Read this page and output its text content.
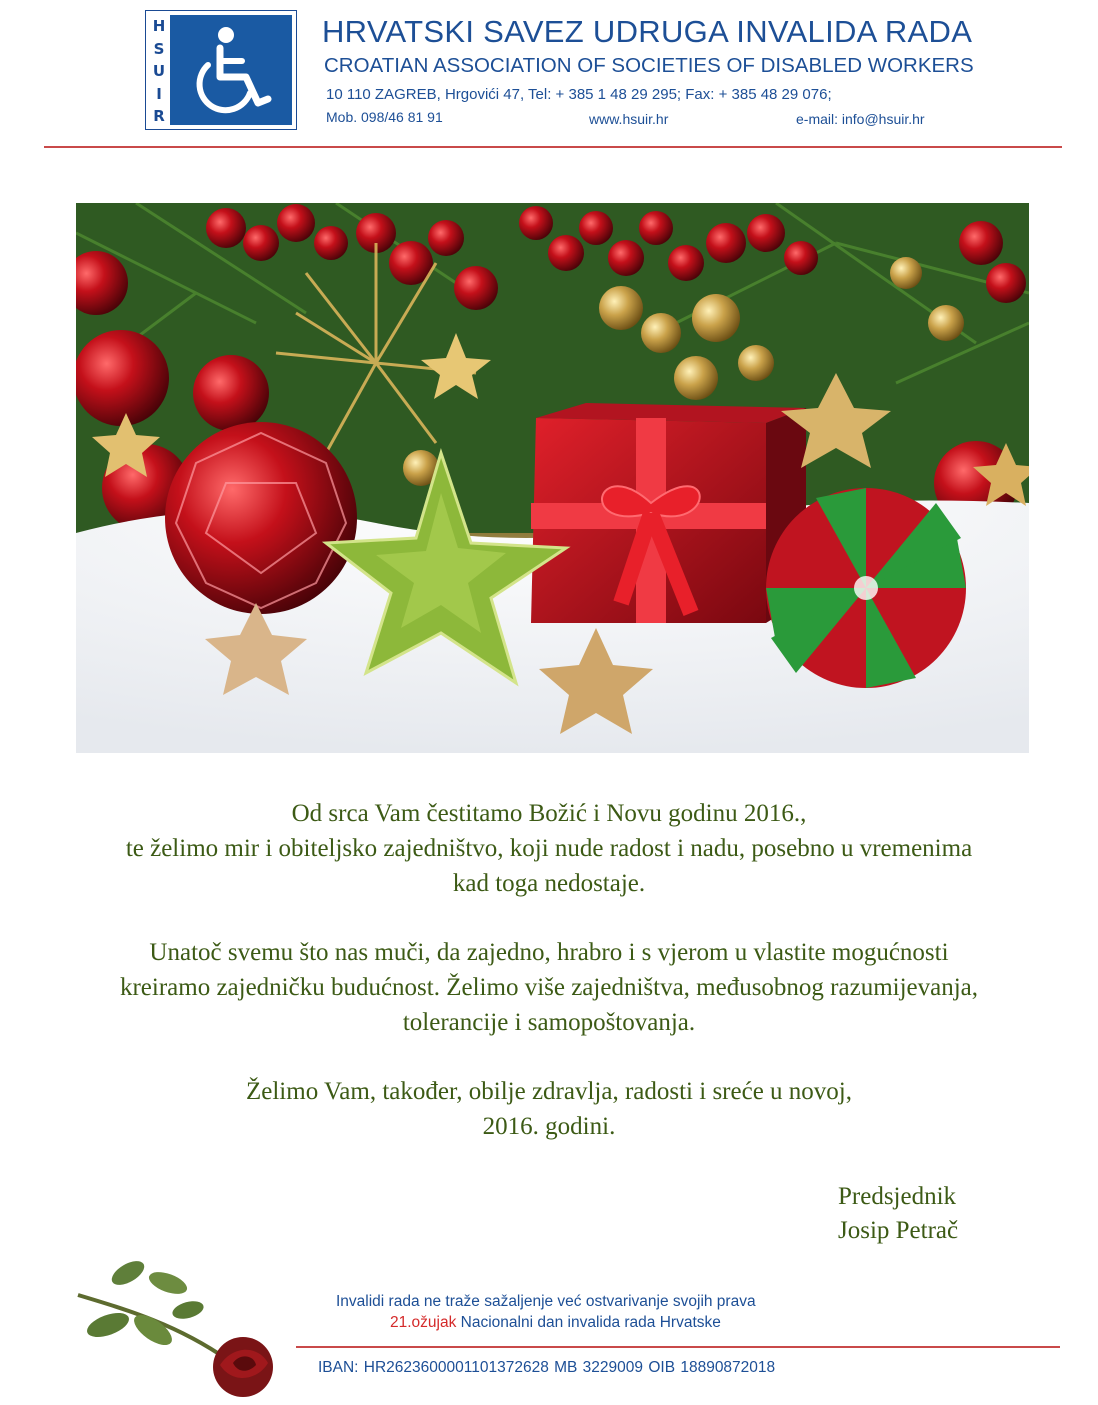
H
S
U
I
R
HRVATSKI SAVEZ UDRUGA INVALIDA RADA
CROATIAN ASSOCIATION OF SOCIETIES OF DISABLED WORKERS
10 110 ZAGREB, Hrgovići 47, Tel: + 385 1 48 29 295; Fax: + 385 48 29 076;
Mob. 098/46 81 91	www.hsuir.hr	e-mail: info@hsuir.hr

Od srca Vam čestitamo Božić i Novu godinu 2016.,

te želimo mir i obiteljsko zajedništvo, koji nude radost i nadu, posebno u vremenima

kad toga nedostaje.

Unatoč svemu što nas muči, da zajedno, hrabro i s vjerom u vlastite mogućnosti

kreiramo zajedničku budućnost. Želimo više zajedništva, međusobnog razumijevanja,

tolerancije i samopoštovanja.

Želimo Vam, također, obilje zdravlja, radosti i sreće u novoj,

2016. godini.

Predsjednik

Josip Petrač

Invalidi rada ne traže sažaljenje već ostvarivanje svojih prava
21.ožujak Nacionalni dan invalida rada Hrvatske
IBAN: HR2623600001101372628 MB 3229009 OIB 18890872018
